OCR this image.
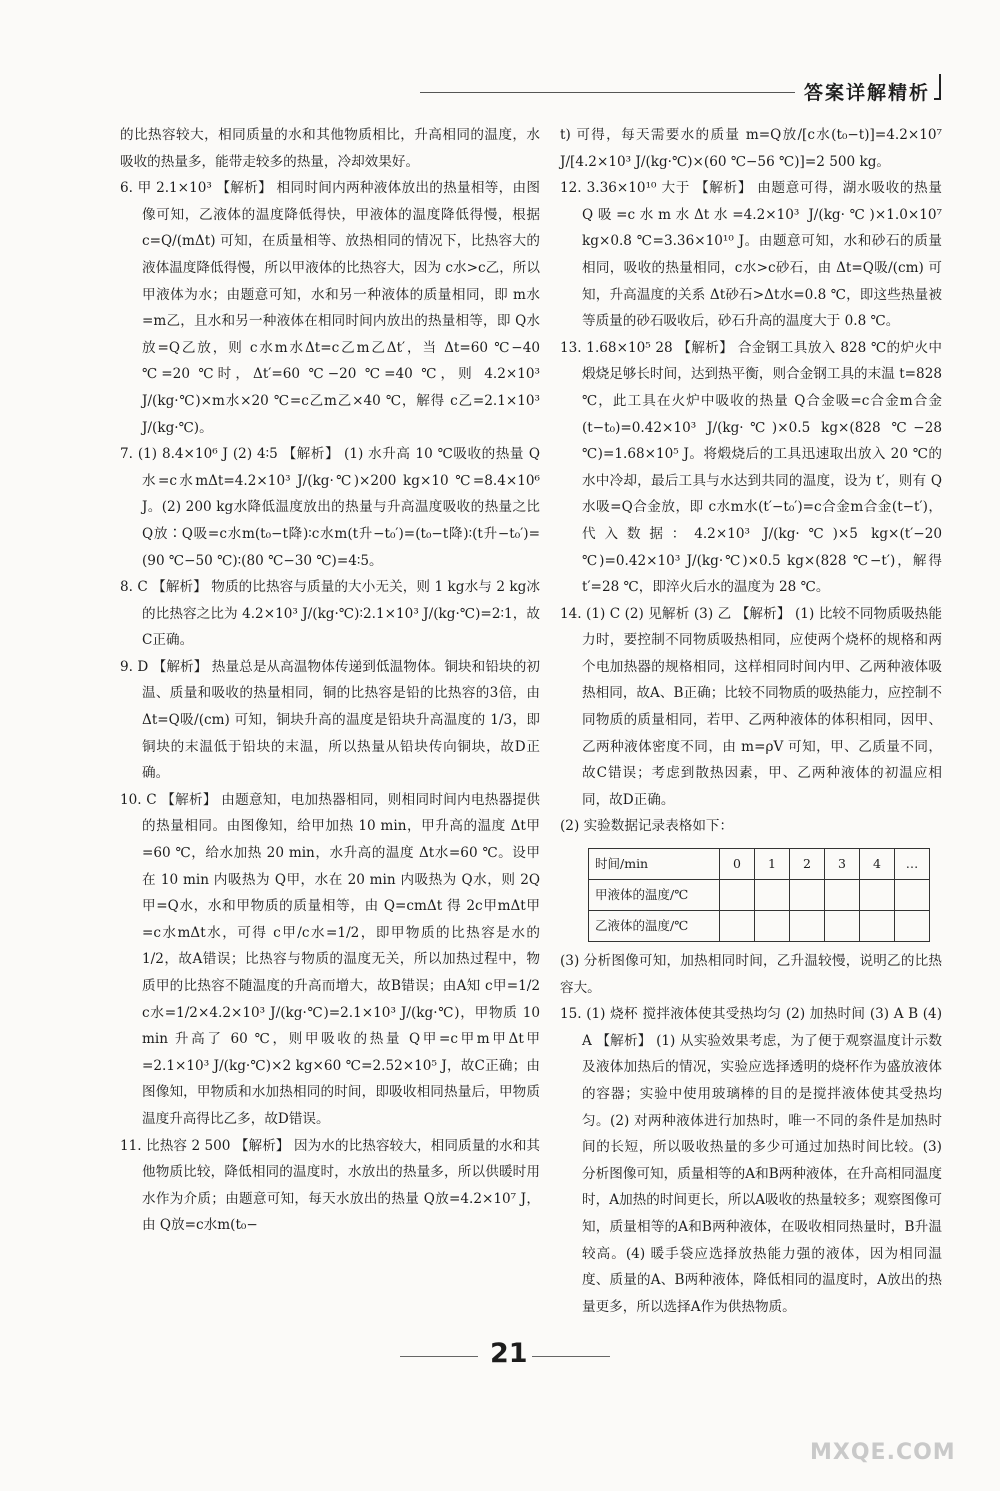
答案详解精析

的比热容较大，相同质量的水和其他物质相比，升高相同的温度，水吸收的热量多，能带走较多的热量，冷却效果好。

6. 甲 2.1×10³ 【解析】 相同时间内两种液体放出的热量相等，由图像可知，乙液体的温度降低得快，甲液体的温度降低得慢，根据 c=Q/(mΔt) 可知，在质量相等、放热相同的情况下，比热容大的液体温度降低得慢，所以甲液体的比热容大，因为 c水>c乙，所以甲液体为水；由题意可知，水和另一种液体的质量相同，即 m水=m乙，且水和另一种液体在相同时间内放出的热量相等，即 Q水放=Q乙放，则 c水m水Δt=c乙m乙Δt′，当 Δt=60 ℃−40 ℃=20 ℃时，Δt′=60 ℃−20 ℃=40 ℃，则 4.2×10³ J/(kg·℃)×m水×20 ℃=c乙m乙×40 ℃，解得 c乙=2.1×10³ J/(kg·℃)。

7. (1) 8.4×10⁶ J (2) 4∶5 【解析】 (1) 水升高 10 ℃吸收的热量 Q水=c水mΔt=4.2×10³ J/(kg·℃)×200 kg×10 ℃=8.4×10⁶ J。(2) 200 kg水降低温度放出的热量与升高温度吸收的热量之比 Q放∶Q吸=c水m(t₀−t降)∶c水m(t升−t₀′)=(t₀−t降)∶(t升−t₀′)=(90 ℃−50 ℃)∶(80 ℃−30 ℃)=4∶5。

8. C 【解析】 物质的比热容与质量的大小无关，则 1 kg水与 2 kg冰的比热容之比为 4.2×10³ J/(kg·℃)∶2.1×10³ J/(kg·℃)=2∶1，故C正确。

9. D 【解析】 热量总是从高温物体传递到低温物体。铜块和铅块的初温、质量和吸收的热量相同，铜的比热容是铅的比热容的3倍，由 Δt=Q吸/(cm) 可知，铜块升高的温度是铅块升高温度的 1/3，即铜块的末温低于铅块的末温，所以热量从铅块传向铜块，故D正确。

10. C 【解析】 由题意知，电加热器相同，则相同时间内电热器提供的热量相同。由图像知，给甲加热 10 min，甲升高的温度 Δt甲=60 ℃，给水加热 20 min，水升高的温度 Δt水=60 ℃。设甲在 10 min 内吸热为 Q甲，水在 20 min 内吸热为 Q水，则 2Q甲=Q水，水和甲物质的质量相等，由 Q=cmΔt 得 2c甲mΔt甲=c水mΔt水，可得 c甲/c水=1/2，即甲物质的比热容是水的 1/2，故A错误；比热容与物质的温度无关，所以加热过程中，物质甲的比热容不随温度的升高而增大，故B错误；由A知 c甲=1/2 c水=1/2×4.2×10³ J/(kg·℃)=2.1×10³ J/(kg·℃)，甲物质 10 min 升高了 60 ℃，则甲吸收的热量 Q甲=c甲m甲Δt甲=2.1×10³ J/(kg·℃)×2 kg×60 ℃=2.52×10⁵ J，故C正确；由图像知，甲物质和水加热相同的时间，即吸收相同热量后，甲物质温度升高得比乙多，故D错误。

11. 比热容 2 500 【解析】 因为水的比热容较大，相同质量的水和其他物质比较，降低相同的温度时，水放出的热量多，所以供暖时用水作为介质；由题意可知，每天水放出的热量 Q放=4.2×10⁷ J，由 Q放=c水m(t₀−

t) 可得，每天需要水的质量 m=Q放/[c水(t₀−t)]=4.2×10⁷ J/[4.2×10³ J/(kg·℃)×(60 ℃−56 ℃)]=2 500 kg。

12. 3.36×10¹⁰ 大于 【解析】 由题意可得，湖水吸收的热量 Q吸=c水m水Δt水=4.2×10³ J/(kg·℃)×1.0×10⁷ kg×0.8 ℃=3.36×10¹⁰ J。由题意可知，水和砂石的质量相同，吸收的热量相同，c水>c砂石，由 Δt=Q吸/(cm) 可知，升高温度的关系 Δt砂石>Δt水=0.8 ℃，即这些热量被等质量的砂石吸收后，砂石升高的温度大于 0.8 ℃。

13. 1.68×10⁵ 28 【解析】 合金钢工具放入 828 ℃的炉火中煅烧足够长时间，达到热平衡，则合金钢工具的末温 t=828 ℃，此工具在火炉中吸收的热量 Q合金吸=c合金m合金(t−t₀)=0.42×10³ J/(kg·℃)×0.5 kg×(828 ℃−28 ℃)=1.68×10⁵ J。将煅烧后的工具迅速取出放入 20 ℃的水中冷却，最后工具与水达到共同的温度，设为 t′，则有 Q水吸=Q合金放，即 c水m水(t′−t₀′)=c合金m合金(t−t′)，代入数据：4.2×10³ J/(kg·℃)×5 kg×(t′−20 ℃)=0.42×10³ J/(kg·℃)×0.5 kg×(828 ℃−t′)，解得 t′=28 ℃，即淬火后水的温度为 28 ℃。

14. (1) C (2) 见解析 (3) 乙 【解析】 (1) 比较不同物质吸热能力时，要控制不同物质吸热相同，应使两个烧杯的规格和两个电加热器的规格相同，这样相同时间内甲、乙两种液体吸热相同，故A、B正确；比较不同物质的吸热能力，应控制不同物质的质量相同，若甲、乙两种液体的体积相同，因甲、乙两种液体密度不同，由 m=ρV 可知，甲、乙质量不同，故C错误；考虑到散热因素，甲、乙两种液体的初温应相同，故D正确。

(2) 实验数据记录表格如下：

时间/min	0	1	2	3	4	…
甲液体的温度/℃						
乙液体的温度/℃						

(3) 分析图像可知，加热相同时间，乙升温较慢，说明乙的比热容大。

15. (1) 烧杯 搅拌液体使其受热均匀 (2) 加热时间 (3) A B (4) A 【解析】 (1) 从实验效果考虑，为了便于观察温度计示数及液体加热后的情况，实验应选择透明的烧杯作为盛放液体的容器；实验中使用玻璃棒的目的是搅拌液体使其受热均匀。(2) 对两种液体进行加热时，唯一不同的条件是加热时间的长短，所以吸收热量的多少可通过加热时间比较。(3) 分析图像可知，质量相等的A和B两种液体，在升高相同温度时，A加热的时间更长，所以A吸收的热量较多；观察图像可知，质量相等的A和B两种液体，在吸收相同热量时，B升温较高。(4) 暖手袋应选择放热能力强的液体，因为相同温度、质量的A、B两种液体，降低相同的温度时，A放出的热量更多，所以选择A作为供热物质。

21
MXQE.COM
